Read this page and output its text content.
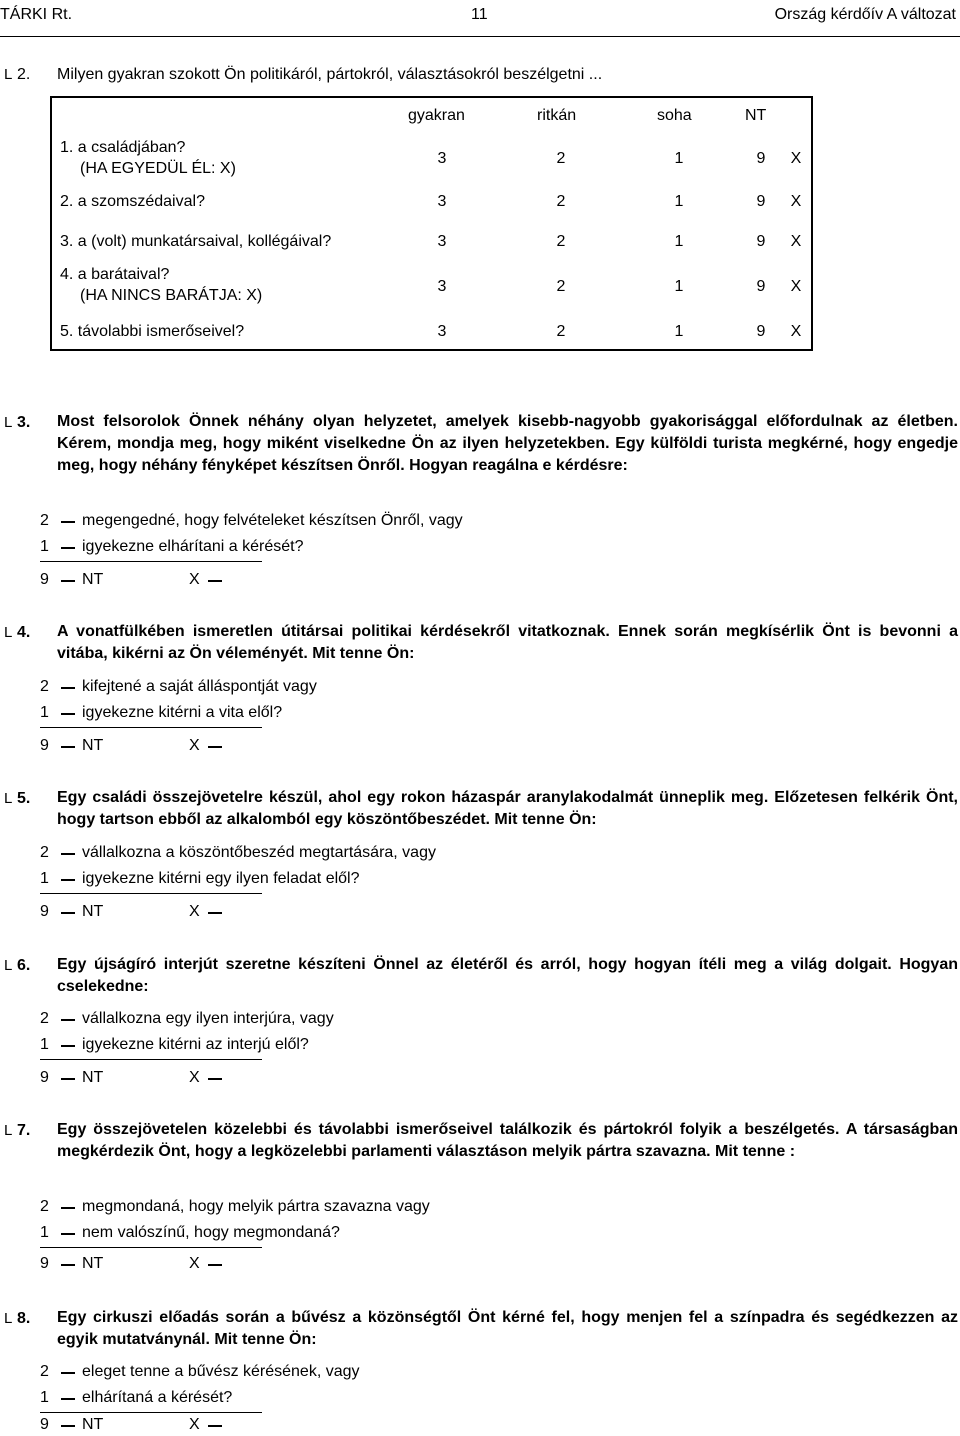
TÁRKI Rt.	11	Ország kérdőív A változat
L 2. Milyen gyakran szokott Ön politikáról, pártokról, választásokról beszélgetni ...
gyakran	ritkán	soha	NT
1. a családjában?
(HA EGYEDÜL ÉL: X)
3	2	1	9	X
2. a szomszédaival?	3	2	1	9	X
3. a (volt) munkatársaival, kollégáival?	3	2	1	9	X
4. a barátaival?
(HA NINCS BARÁTJA: X)
3	2	1	9	X
5. távolabbi ismerőseivel?	3	2	1	9	X
L 3. Most felsorolok Önnek néhány olyan helyzetet, amelyek kisebb-nagyobb gyakorisággal előfordulnak az életben. Kérem, mondja meg, hogy miként viselkedne Ön az ilyen helyzetekben. Egy külföldi turista megkérné, hogy engedje meg, hogy néhány fényképet készítsen Önről. Hogyan reagálna e kérdésre:
2 megengedné, hogy felvételeket készítsen Önről, vagy
1 igyekezne elhárítani a kérését?
9 NT	X
L 4. A vonatfülkében ismeretlen útitársai politikai kérdésekről vitatkoznak. Ennek során megkísérlik Önt is bevonni a vitába, kikérni az Ön véleményét. Mit tenne Ön:
2 kifejtené a saját álláspontját vagy
1 igyekezne kitérni a vita elől?
9 NT	X
L 5. Egy családi összejövetelre készül, ahol egy rokon házaspár aranylakodalmát ünneplik meg. Előzetesen felkérik Önt, hogy tartson ebből az alkalomból egy köszöntőbeszédet. Mit tenne Ön:
2 vállalkozna a köszöntőbeszéd megtartására, vagy
1 igyekezne kitérni egy ilyen feladat elől?
9 NT	X
L 6. Egy újságíró interjút szeretne készíteni Önnel az életéről és arról, hogy hogyan ítéli meg a világ dolgait. Hogyan cselekedne:
2 vállalkozna egy ilyen interjúra, vagy
1 igyekezne kitérni az interjú elől?
9 NT	X
L 7. Egy összejövetelen közelebbi és távolabbi ismerőseivel találkozik és pártokról folyik a beszélgetés. A társaságban megkérdezik Önt, hogy a legközelebbi parlamenti választáson melyik pártra szavazna. Mit tenne :
2 megmondaná, hogy melyik pártra szavazna vagy
1 nem valószínű, hogy megmondaná?
9 NT	X
L 8. Egy cirkuszi előadás során a bűvész a közönségtől Önt kérné fel, hogy menjen fel a színpadra és segédkezzen az egyik mutatványnál. Mit tenne Ön:
2 eleget tenne a bűvész kérésének, vagy
1 elhárítaná a kérését?
9 NT	X
